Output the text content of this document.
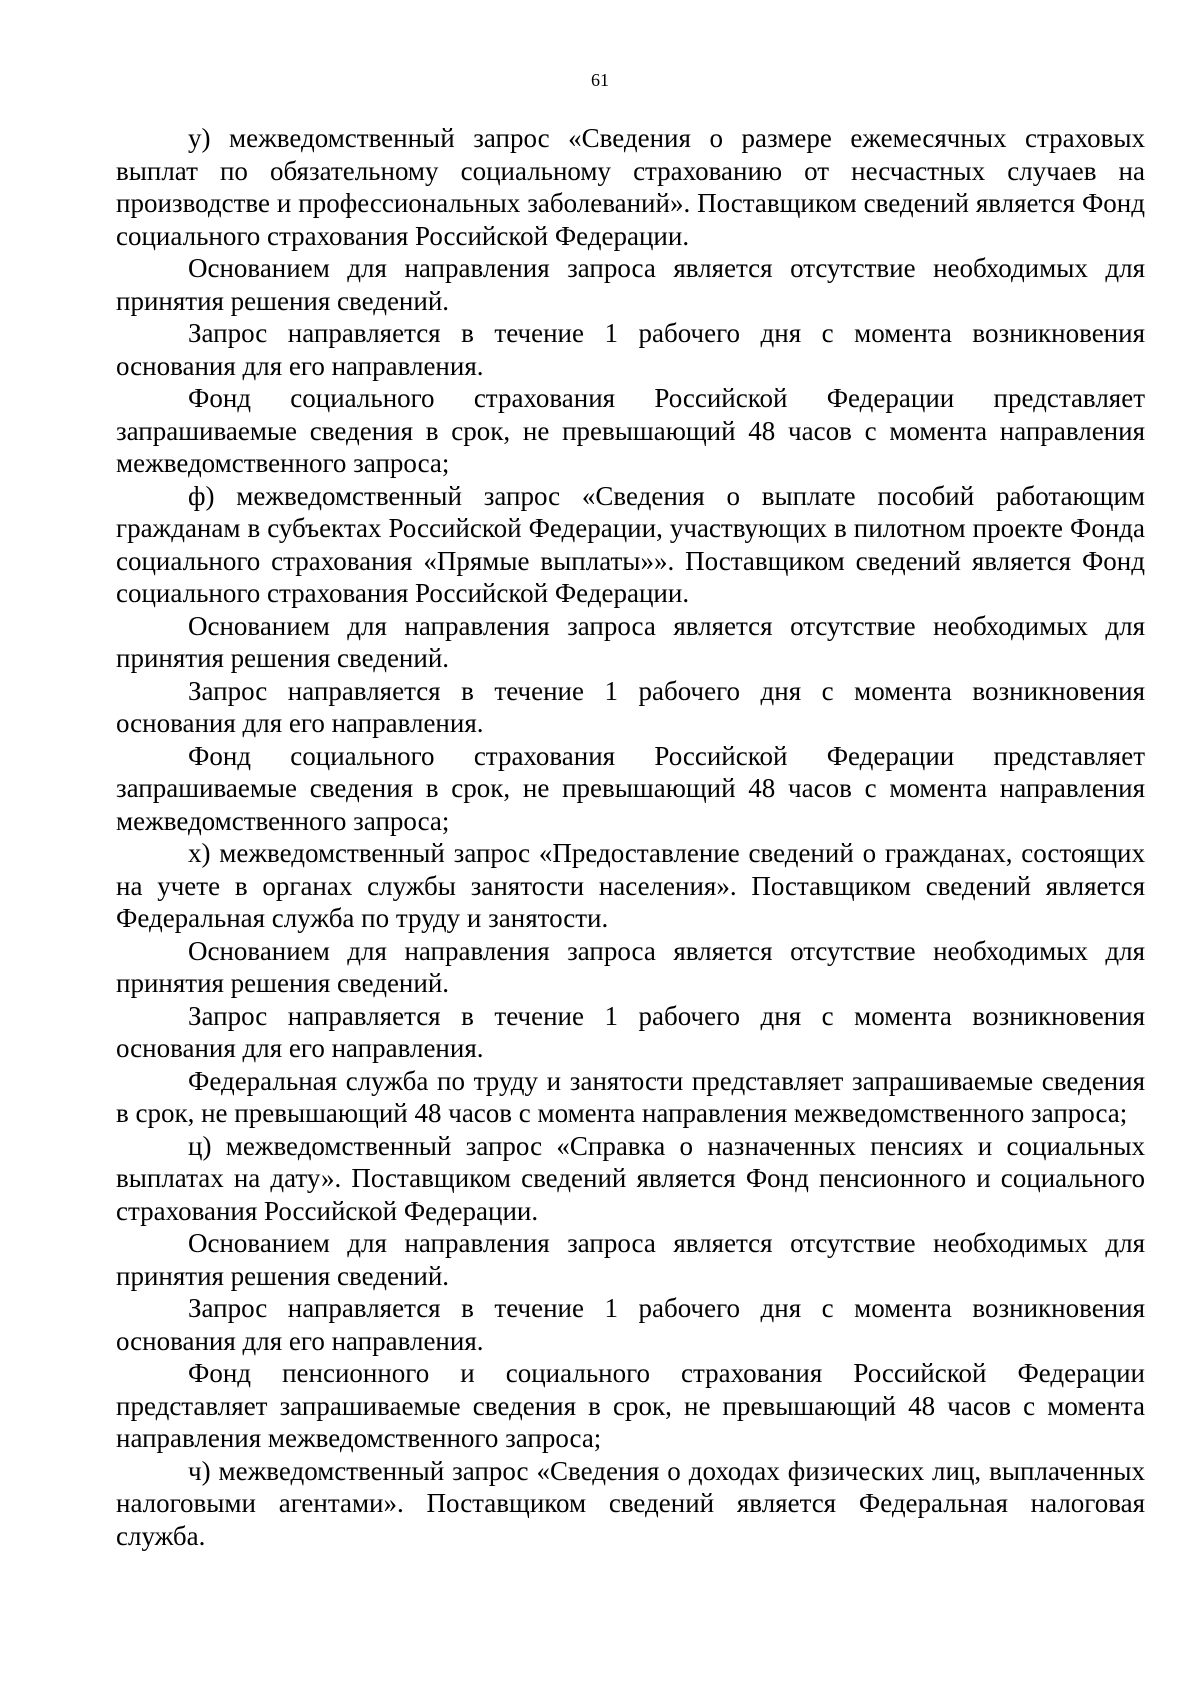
61

у) межведомственный запрос «Сведения о размере ежемесячных страховых выплат по обязательному социальному страхованию от несчастных случаев на производстве и профессиональных заболеваний». Поставщиком сведений является Фонд социального страхования Российской Федерации.

Основанием для направления запроса является отсутствие необходимых для принятия решения сведений.

Запрос направляется в течение 1 рабочего дня с момента возникновения основания для его направления.

Фонд социального страхования Российской Федерации представляет запрашиваемые сведения в срок, не превышающий 48 часов с момента направления межведомственного запроса;

ф) межведомственный запрос «Сведения о выплате пособий работающим гражданам в субъектах Российской Федерации, участвующих в пилотном проекте Фонда социального страхования «Прямые выплаты»». Поставщиком сведений является Фонд социального страхования Российской Федерации.

Основанием для направления запроса является отсутствие необходимых для принятия решения сведений.

Запрос направляется в течение 1 рабочего дня с момента возникновения основания для его направления.

Фонд социального страхования Российской Федерации представляет запрашиваемые сведения в срок, не превышающий 48 часов с момента направления межведомственного запроса;

х) межведомственный запрос «Предоставление сведений о гражданах, состоящих на учете в органах службы занятости населения». Поставщиком сведений является Федеральная служба по труду и занятости.

Основанием для направления запроса является отсутствие необходимых для принятия решения сведений.

Запрос направляется в течение 1 рабочего дня с момента возникновения основания для его направления.

Федеральная служба по труду и занятости представляет запрашиваемые сведения в срок, не превышающий 48 часов с момента направления межведомственного запроса;

ц) межведомственный запрос «Справка о назначенных пенсиях и социальных выплатах на дату». Поставщиком сведений является Фонд пенсионного и социального страхования Российской Федерации.

Основанием для направления запроса является отсутствие необходимых для принятия решения сведений.

Запрос направляется в течение 1 рабочего дня с момента возникновения основания для его направления.

Фонд пенсионного и социального страхования Российской Федерации представляет запрашиваемые сведения в срок, не превышающий 48 часов с момента направления межведомственного запроса;

ч) межведомственный запрос «Сведения о доходах физических лиц, выплаченных налоговыми агентами». Поставщиком сведений является Федеральная налоговая служба.
